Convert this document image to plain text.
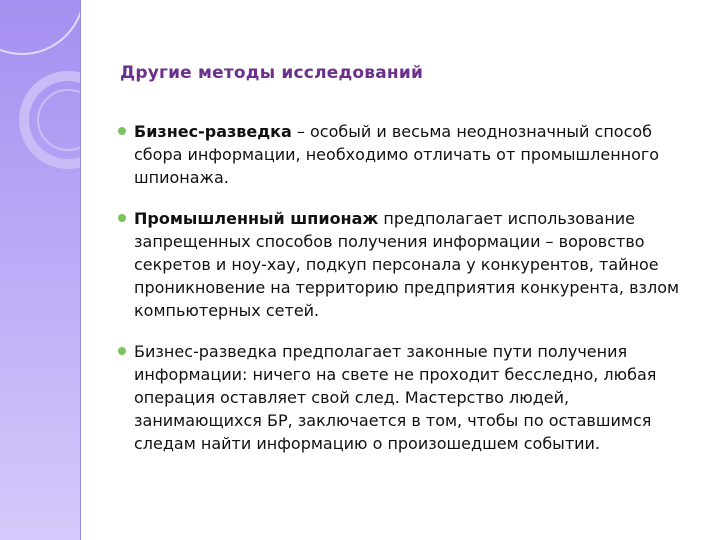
Другие методы исследований
Бизнес-разведка – особый и весьма неоднозначный способ сбора информации, необходимо отличать от промышленного шпионажа.
Промышленный шпионаж предполагает использование запрещенных способов получения информации – воровство секретов и ноу-хау, подкуп персонала у конкурентов, тайное проникновение на территорию предприятия конкурента, взлом компьютерных сетей.
Бизнес-разведка предполагает законные пути получения информации: ничего на свете не проходит бесследно, любая операция оставляет свой след. Мастерство людей, занимающихся БР, заключается в том, чтобы по оставшимся следам найти информацию о произошедшем событии.
